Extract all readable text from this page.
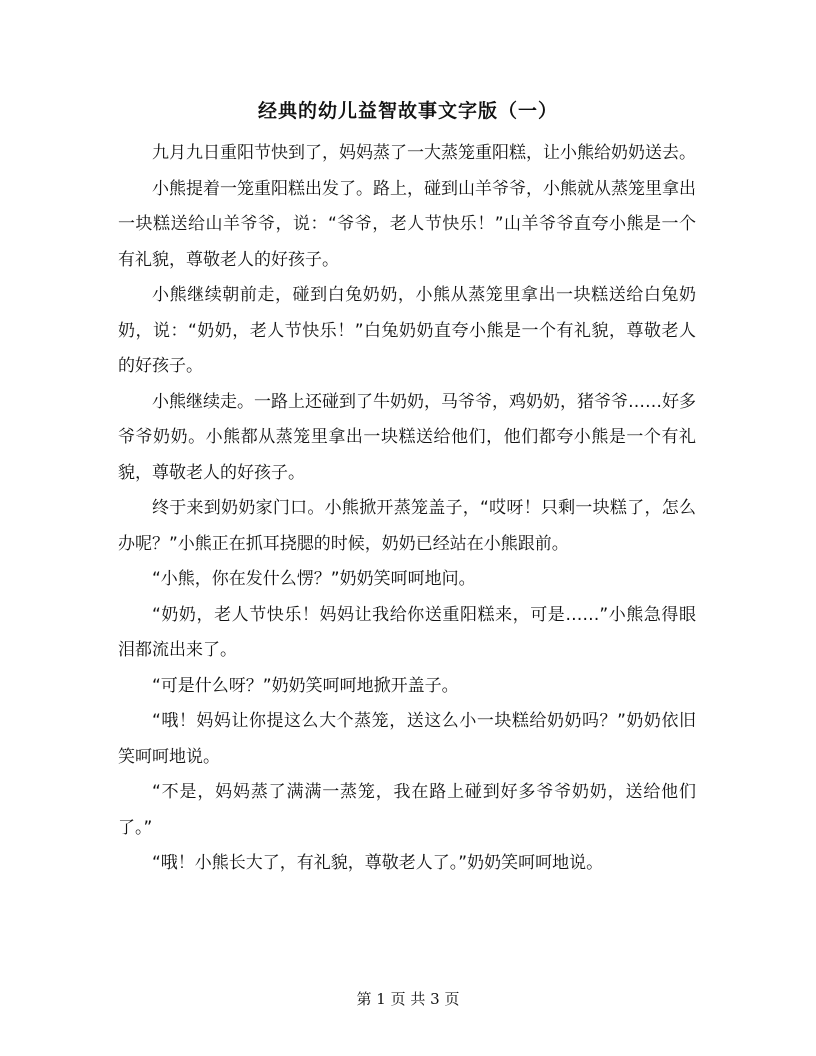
经典的幼儿益智故事文字版（一）

九月九日重阳节快到了，妈妈蒸了一大蒸笼重阳糕，让小熊给奶奶送去。

小熊提着一笼重阳糕出发了。路上，碰到山羊爷爷，小熊就从蒸笼里拿出一块糕送给山羊爷爷，说：“爷爷，老人节快乐！”山羊爷爷直夸小熊是一个有礼貌，尊敬老人的好孩子。

小熊继续朝前走，碰到白兔奶奶，小熊从蒸笼里拿出一块糕送给白兔奶奶，说：“奶奶，老人节快乐！”白兔奶奶直夸小熊是一个有礼貌，尊敬老人的好孩子。

小熊继续走。一路上还碰到了牛奶奶，马爷爷，鸡奶奶，猪爷爷……好多爷爷奶奶。小熊都从蒸笼里拿出一块糕送给他们，他们都夸小熊是一个有礼貌，尊敬老人的好孩子。

终于来到奶奶家门口。小熊掀开蒸笼盖子，“哎呀！只剩一块糕了，怎么办呢？”小熊正在抓耳挠腮的时候，奶奶已经站在小熊跟前。

“小熊，你在发什么愣？”奶奶笑呵呵地问。

“奶奶，老人节快乐！妈妈让我给你送重阳糕来，可是……”小熊急得眼泪都流出来了。

“可是什么呀？”奶奶笑呵呵地掀开盖子。

“哦！妈妈让你提这么大个蒸笼，送这么小一块糕给奶奶吗？”奶奶依旧笑呵呵地说。

“不是，妈妈蒸了满满一蒸笼，我在路上碰到好多爷爷奶奶，送给他们了。”

“哦！小熊长大了，有礼貌，尊敬老人了。”奶奶笑呵呵地说。

第 1 页 共 3 页
